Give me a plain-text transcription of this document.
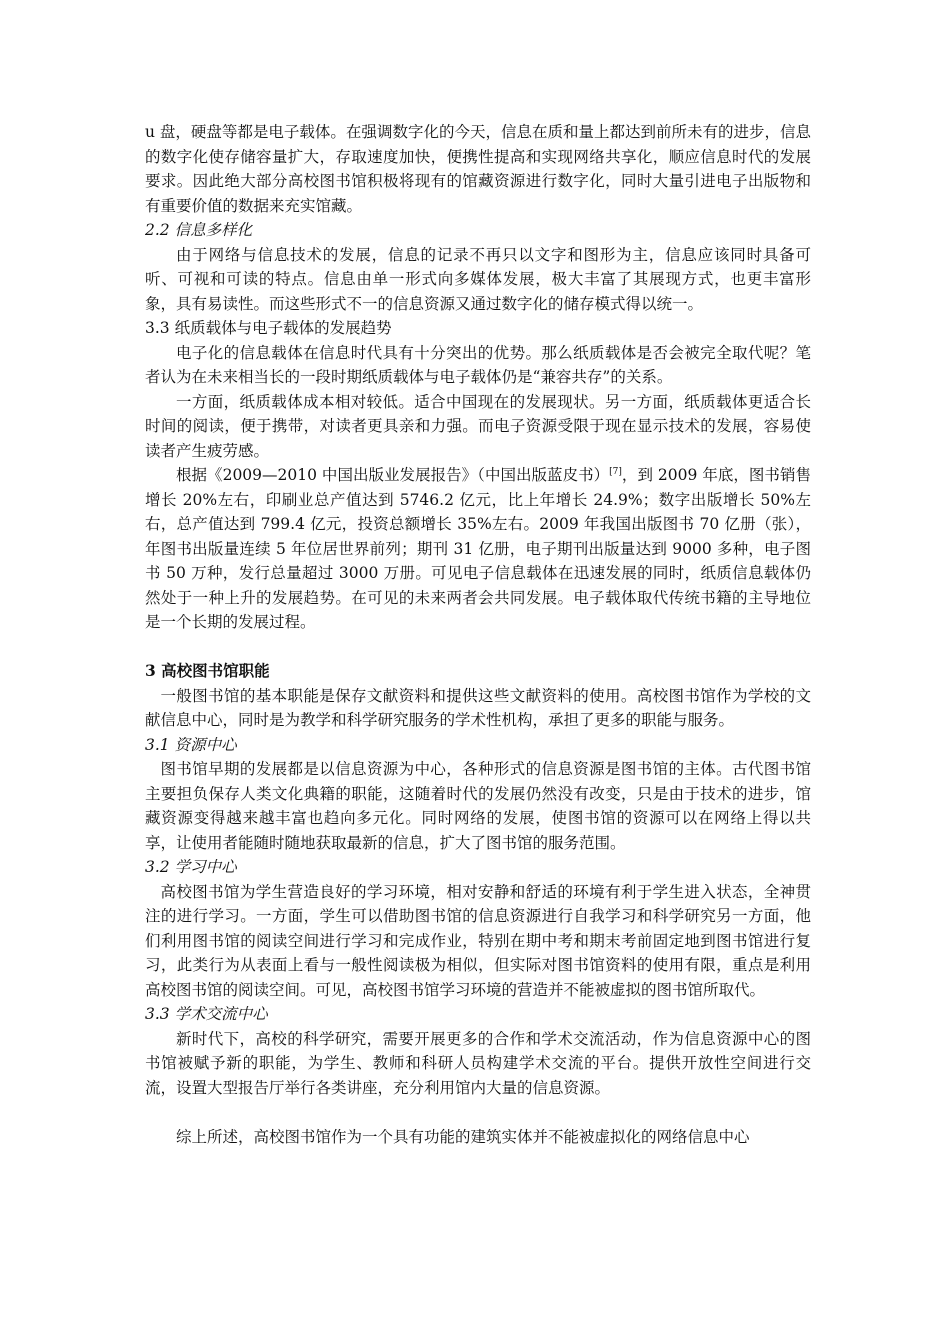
u 盘，硬盘等都是电子载体。在强调数字化的今天，信息在质和量上都达到前所未有的进步，信息的数字化使存储容量扩大，存取速度加快，便携性提高和实现网络共享化，顺应信息时代的发展要求。因此绝大部分高校图书馆积极将现有的馆藏资源进行数字化，同时大量引进电子出版物和有重要价值的数据来充实馆藏。

2.2 信息多样化

由于网络与信息技术的发展，信息的记录不再只以文字和图形为主，信息应该同时具备可听、可视和可读的特点。信息由单一形式向多媒体发展，极大丰富了其展现方式，也更丰富形象，具有易读性。而这些形式不一的信息资源又通过数字化的储存模式得以统一。

3.3 纸质载体与电子载体的发展趋势

电子化的信息载体在信息时代具有十分突出的优势。那么纸质载体是否会被完全取代呢？笔者认为在未来相当长的一段时期纸质载体与电子载体仍是“兼容共存”的关系。

一方面，纸质载体成本相对较低。适合中国现在的发展现状。另一方面，纸质载体更适合长时间的阅读，便于携带，对读者更具亲和力强。而电子资源受限于现在显示技术的发展，容易使读者产生疲劳感。

根据《2009—2010 中国出版业发展报告》（中国出版蓝皮书）[7]，到 2009 年底，图书销售增长 20%左右，印刷业总产值达到 5746.2 亿元，比上年增长 24.9%；数字出版增长 50%左右，总产值达到 799.4 亿元，投资总额增长 35%左右。2009 年我国出版图书 70 亿册（张），年图书出版量连续 5 年位居世界前列；期刊 31 亿册，电子期刊出版量达到 9000 多种，电子图书 50 万种，发行总量超过 3000 万册。可见电子信息载体在迅速发展的同时，纸质信息载体仍然处于一种上升的发展趋势。在可见的未来两者会共同发展。电子载体取代传统书籍的主导地位是一个长期的发展过程。

3 高校图书馆职能

一般图书馆的基本职能是保存文献资料和提供这些文献资料的使用。高校图书馆作为学校的文献信息中心，同时是为教学和科学研究服务的学术性机构，承担了更多的职能与服务。

3.1 资源中心

图书馆早期的发展都是以信息资源为中心，各种形式的信息资源是图书馆的主体。古代图书馆主要担负保存人类文化典籍的职能，这随着时代的发展仍然没有改变，只是由于技术的进步，馆藏资源变得越来越丰富也趋向多元化。同时网络的发展，使图书馆的资源可以在网络上得以共享，让使用者能随时随地获取最新的信息，扩大了图书馆的服务范围。

3.2 学习中心

高校图书馆为学生营造良好的学习环境，相对安静和舒适的环境有利于学生进入状态，全神贯注的进行学习。一方面，学生可以借助图书馆的信息资源进行自我学习和科学研究另一方面，他们利用图书馆的阅读空间进行学习和完成作业，特别在期中考和期末考前固定地到图书馆进行复习，此类行为从表面上看与一般性阅读极为相似，但实际对图书馆资料的使用有限，重点是利用高校图书馆的阅读空间。可见，高校图书馆学习环境的营造并不能被虚拟的图书馆所取代。

3.3 学术交流中心

新时代下，高校的科学研究，需要开展更多的合作和学术交流活动，作为信息资源中心的图书馆被赋予新的职能，为学生、教师和科研人员构建学术交流的平台。提供开放性空间进行交流，设置大型报告厅举行各类讲座，充分利用馆内大量的信息资源。

综上所述，高校图书馆作为一个具有功能的建筑实体并不能被虚拟化的网络信息中心
